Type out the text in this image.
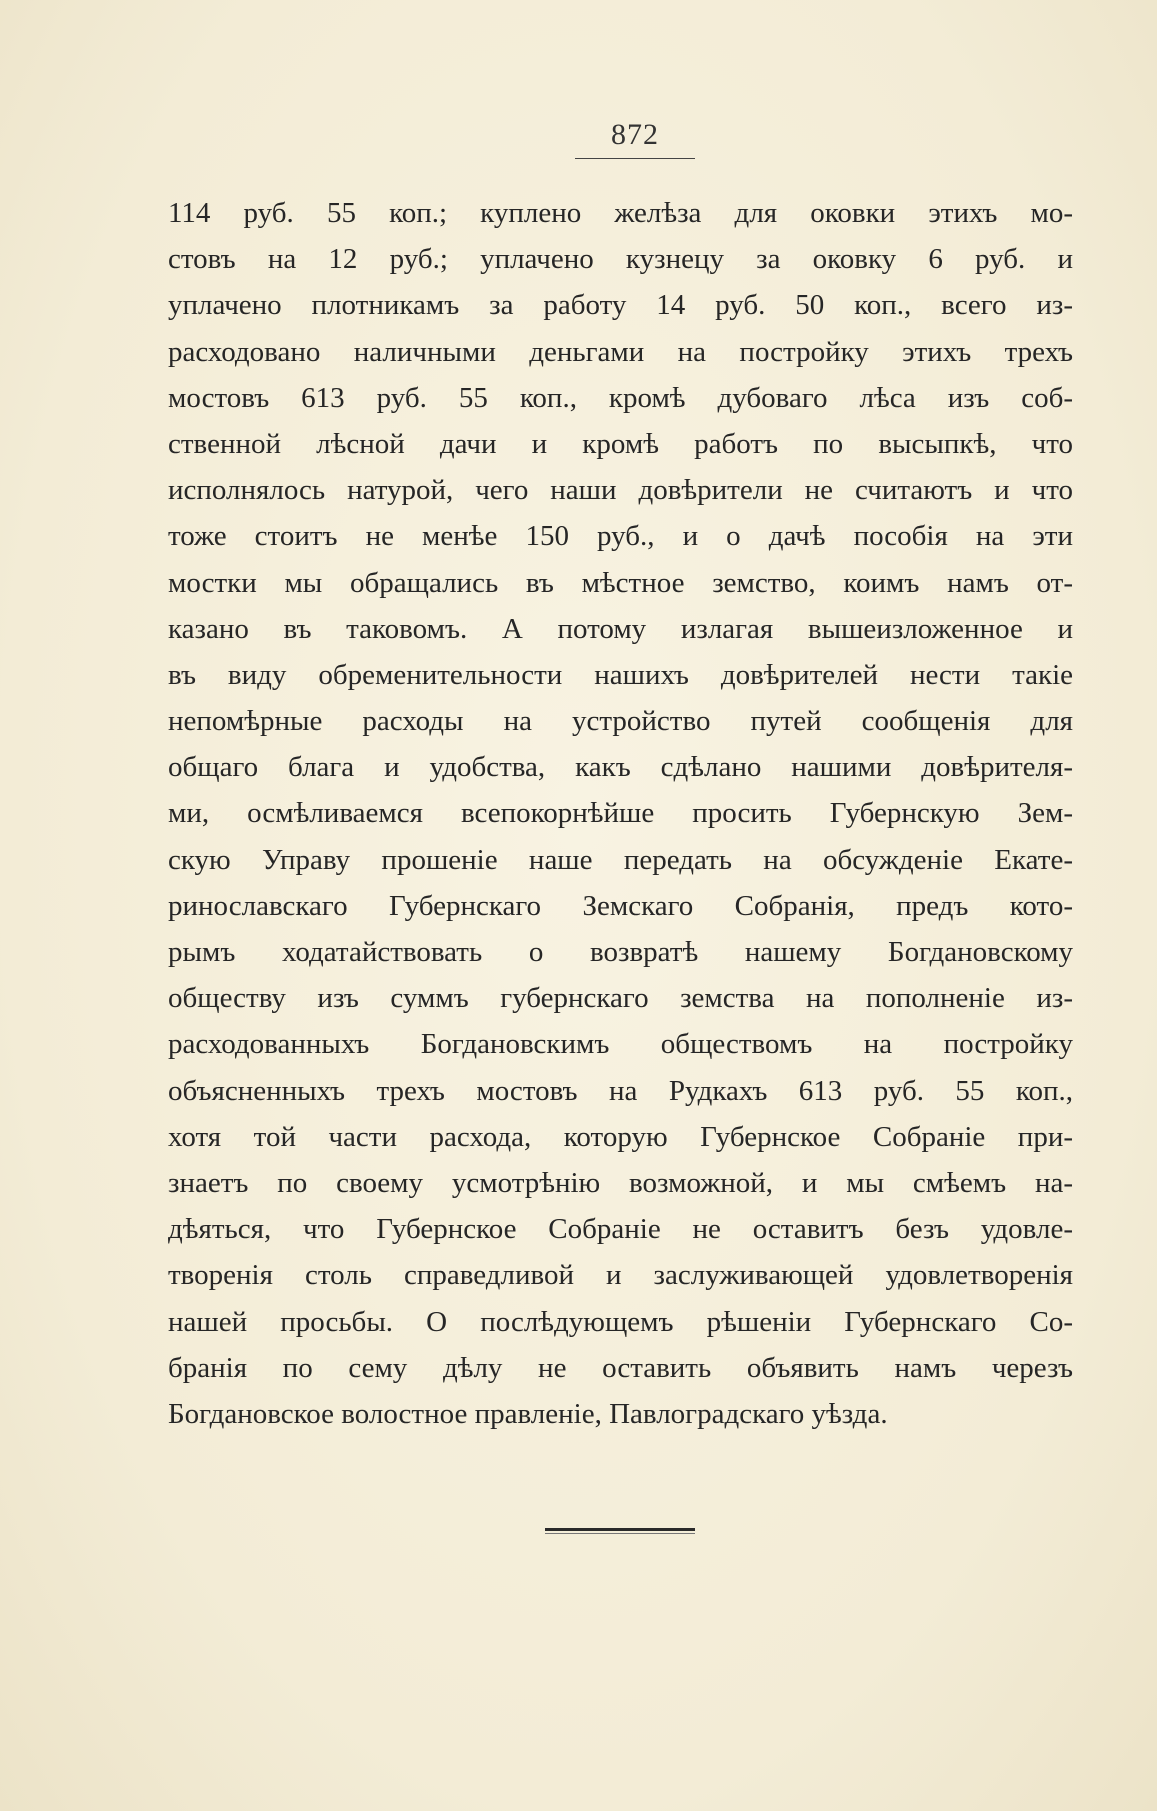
872
114 руб. 55 коп.; куплено желѣза для оковки этихъ мо-
стовъ на 12 руб.; уплачено кузнецу за оковку 6 руб. и
уплачено плотникамъ за работу 14 руб. 50 коп., всего из-
расходовано наличными деньгами на постройку этихъ трехъ
мостовъ 613 руб. 55 коп., кромѣ дубоваго лѣса изъ соб-
ственной лѣсной дачи и кромѣ работъ по высыпкѣ, что
исполнялось натурой, чего наши довѣрители не считаютъ и что
тоже стоитъ не менѣе 150 руб., и о дачѣ пособія на эти
мостки мы обращались въ мѣстное земство, коимъ намъ от-
казано въ таковомъ. А потому излагая вышеизложенное и
въ виду обременительности нашихъ довѣрителей нести такіе
непомѣрные расходы на устройство путей сообщенія для
общаго блага и удобства, какъ сдѣлано нашими довѣрителя-
ми, осмѣливаемся всепокорнѣйше просить Губернскую Зем-
скую Управу прошеніе наше передать на обсужденіе Екате-
ринославскаго Губернскаго Земскаго Собранія, предъ кото-
рымъ ходатайствовать о возвратѣ нашему Богдановскому
обществу изъ суммъ губернскаго земства на пополненіе из-
расходованныхъ Богдановскимъ обществомъ на постройку
объясненныхъ трехъ мостовъ на Рудкахъ 613 руб. 55 коп.,
хотя той части расхода, которую Губернское Собраніе при-
знаетъ по своему усмотрѣнію возможной, и мы смѣемъ на-
дѣяться, что Губернское Собраніе не оставитъ безъ удовле-
творенія столь справедливой и заслуживающей удовлетворенія
нашей просьбы. О послѣдующемъ рѣшеніи Губернскаго Со-
бранія по сему дѣлу не оставить объявить намъ черезъ
Богдановское волостное правленіе, Павлоградскаго уѣзда.
